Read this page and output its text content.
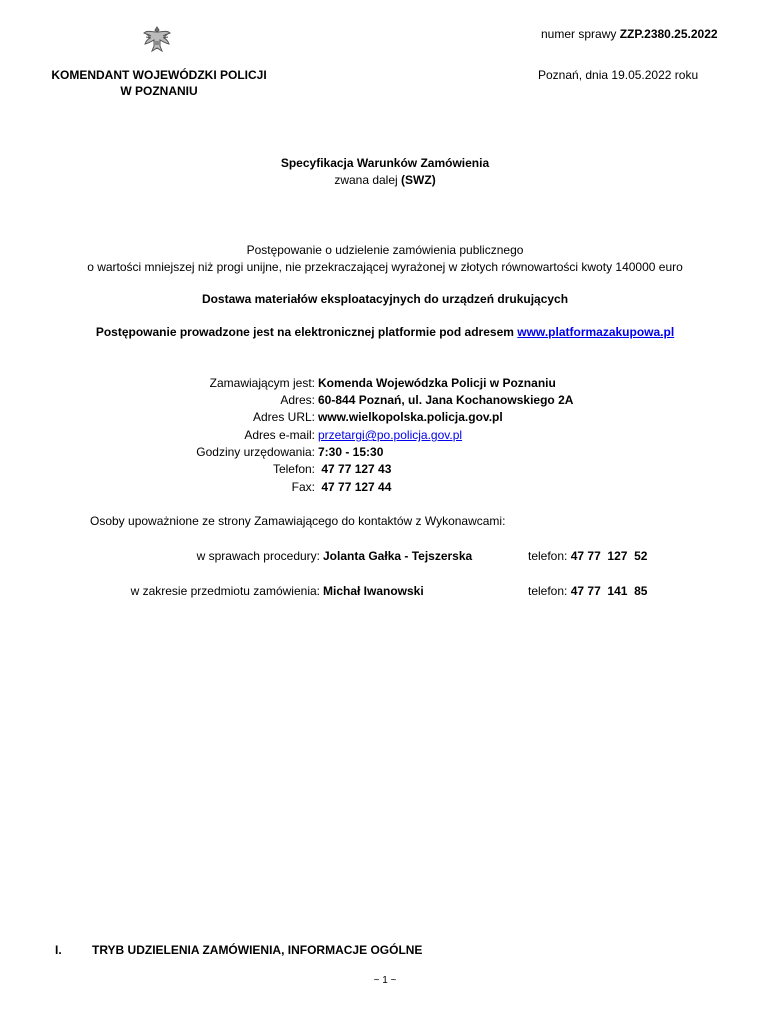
numer sprawy ZZP.2380.25.2022
KOMENDANT WOJEWÓDZKI POLICJI
W POZNANIU
Poznań, dnia 19.05.2022 roku
Specyfikacja Warunków Zamówienia
zwana dalej (SWZ)
Postępowanie o udzielenie zamówienia publicznego
o wartości mniejszej niż progi unijne, nie przekraczającej wyrażonej w złotych równowartości kwoty 140000 euro
Dostawa materiałów eksploatacyjnych do urządzeń drukujących
Postępowanie prowadzone jest na elektronicznej platformie pod adresem www.platformazakupowa.pl
Zamawiającym jest: Komenda Wojewódzka Policji w Poznaniu
Adres: 60-844 Poznań, ul. Jana Kochanowskiego 2A
Adres URL: www.wielkopolska.policja.gov.pl
Adres e-mail: przetargi@po.policja.gov.pl
Godziny urzędowania: 7:30 - 15:30
Telefon: 47 77 127 43
Fax: 47 77 127 44
Osoby upoważnione ze strony Zamawiającego do kontaktów z Wykonawcami:
w sprawach procedury: Jolanta Gałka - Tejszerska	telefon: 47 77  127  52
w zakresie przedmiotu zamówienia: Michał Iwanowski	telefon: 47 77  141  85
I.	TRYB UDZIELENIA ZAMÓWIENIA, INFORMACJE OGÓLNE
~ 1 ~
